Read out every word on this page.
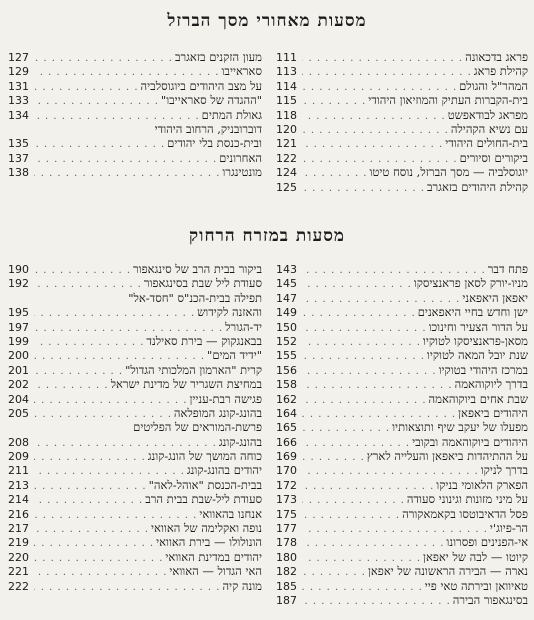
מסעות מאחורי מסך הברזל
פראג בדכאונה
. . .
111
קהילת פראג
. . .
113
המהר"ל והגולם
. . .
114
בית-הקברות העתיק והמוזיאון היהודי
. . .
115
מפראג לבודאפשט
. . .
118
עם נשיא הקהילה
. . .
120
בית-החולים היהודי
. . .
121
ביקורים וסיורים
. . .
122
יוגוסלביה — מסך הברזל, נוסח טיטו
. . .
124
קהילת היהודים בזאגרב
. . .
125
מעון הזקנים בזאגרב
. . .
127
סאראייבו
. . .
129
על מצב היהודים ביוגוסלביה
. . .
131
"ההגדה של סאראייבו"
. . .
133
גאולת המתים
. . .
134
דוברובניק, הרחוב היהודי
ובית-כנסת בלי יהודים
. . .
135
האחרונים
. . .
137
מונטינגרו
. . .
138
מסעות במזרח הרחוק
פתח דבר
. . .
143
מניו-יורק לסאן פראנציסקו
. . .
145
יאפאן היאפאני
. . .
147
ישן וחדש בחיי היאפאנים
. . .
149
על הדור הצעיר וחינוכו
. . .
150
מסאן-פראנציסקו לטוקיו
. . .
152
שנת יובל המאה לטוקיו
. . .
155
במרכז היהודי בטוקיו
. . .
156
בדרך ליוקוהאמה
. . .
158
שבת אחים ביוקוהאמה
. . .
162
היהודים ביאפאן
. . .
164
מפעלו של יעקב שיף ותוצאותיו
. . .
165
היהודים ביוקוהאמה ובקובי
. . .
166
על ההתיהדות ביאפאן והעלייה לארץ
. . .
169
בדרך לניקו
. . .
170
הפארק הלאומי בניקו
. . .
172
על מיני מזונות וגינוני סעודה
. . .
173
פסל הדאיבוטסו בקאמאקורה
. . .
175
הר-פיוג'י
. . .
177
אי-הפנינים ופסרונו
. . .
178
קיוטו — לבה של יאפאן
. . .
180
נארה — הבירה הראשונה של יאפאן
. . .
182
טאיוואן ובירתה טאי פיי
. . .
185
בסינגאפור הבירה
. . .
187
ביקור בבית הרב של סינגאפור
. . .
190
סעודת ליל שבת בסינגאפור
. . .
192
תפילה בבית-הכנ"ס "חסד-אל"
והאזנה לקידוש
. . .
195
יד-הגורל
. . .
197
בבאנגקוק — בירת סאילנד
. . .
199
"ידיד המים"
. . .
200
קרית "הארמון המלכותי הגדול"
. . .
201
במחיצת השגריר של מדינת ישראל
. . .
202
פגישה רבת-עניין
. . .
204
בהונג-קונג המופלאה
. . .
205
פרשת-המוראים של הפליטים
בהונג-קונג
. . .
208
כוחה המושך של הונג-קונג
. . .
209
יהודים בהונג-קונג
. . .
211
בבית-הכנסת "אוהל-לאה"
. . .
213
סעודת ליל-שבת בבית הרב
. . .
214
אנחנו בהאוואי
. . .
216
נופה ואקלימה של האוואי
. . .
217
הונולולו — בירת האוואי
. . .
219
יהודים במדינת האוואי
. . .
220
האי הגדול — האוואי
. . .
221
מונה קיה
. . .
222
